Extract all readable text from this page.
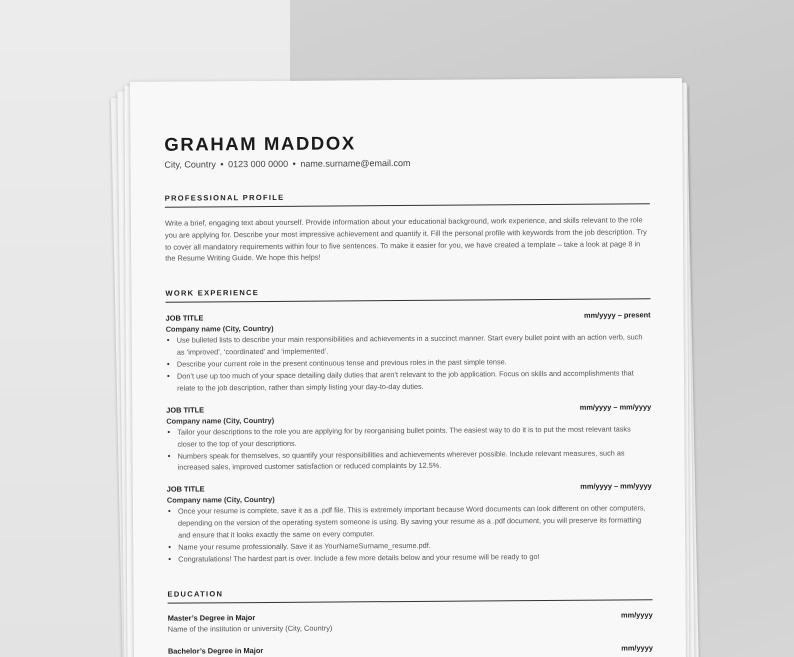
GRAHAM MADDOX
City, Country • 0123 000 0000 • name.surname@email.com
PROFESSIONAL PROFILE
Write a brief, engaging text about yourself. Provide information about your educational background, work experience, and skills relevant to the role you are applying for. Describe your most impressive achievement and quantify it. Fill the personal profile with keywords from the job description. Try to cover all mandatory requirements within four to five sentences. To make it easier for you, we have created a template – take a look at page 8 in the Resume Writing Guide. We hope this helps!
WORK EXPERIENCE
JOB TITLE	mm/yyyy – present
Company name (City, Country)
• Use bulleted lists to describe your main responsibilities and achievements in a succinct manner. Start every bullet point with an action verb, such as ‘improved’, ‘coordinated’ and ‘implemented’.
• Describe your current role in the present continuous tense and previous roles in the past simple tense.
• Don’t use up too much of your space detailing daily duties that aren’t relevant to the job application. Focus on skills and accomplishments that relate to the job description, rather than simply listing your day-to-day duties.
JOB TITLE	mm/yyyy – mm/yyyy
Company name (City, Country)
• Tailor your descriptions to the role you are applying for by reorganising bullet points. The easiest way to do it is to put the most relevant tasks closer to the top of your descriptions.
• Numbers speak for themselves, so quantify your responsibilities and achievements wherever possible. Include relevant measures, such as increased sales, improved customer satisfaction or reduced complaints by 12.5%.
JOB TITLE	mm/yyyy – mm/yyyy
Company name (City, Country)
• Once your resume is complete, save it as a .pdf file. This is extremely important because Word documents can look different on other computers, depending on the version of the operating system someone is using. By saving your resume as a .pdf document, you will preserve its formatting and ensure that it looks exactly the same on every computer.
• Name your resume professionally. Save it as YourNameSurname_resume.pdf.
• Congratulations! The hardest part is over. Include a few more details below and your resume will be ready to go!
EDUCATION
Master’s Degree in Major	mm/yyyy
Name of the institution or university (City, Country)
Bachelor’s Degree in Major	mm/yyyy
